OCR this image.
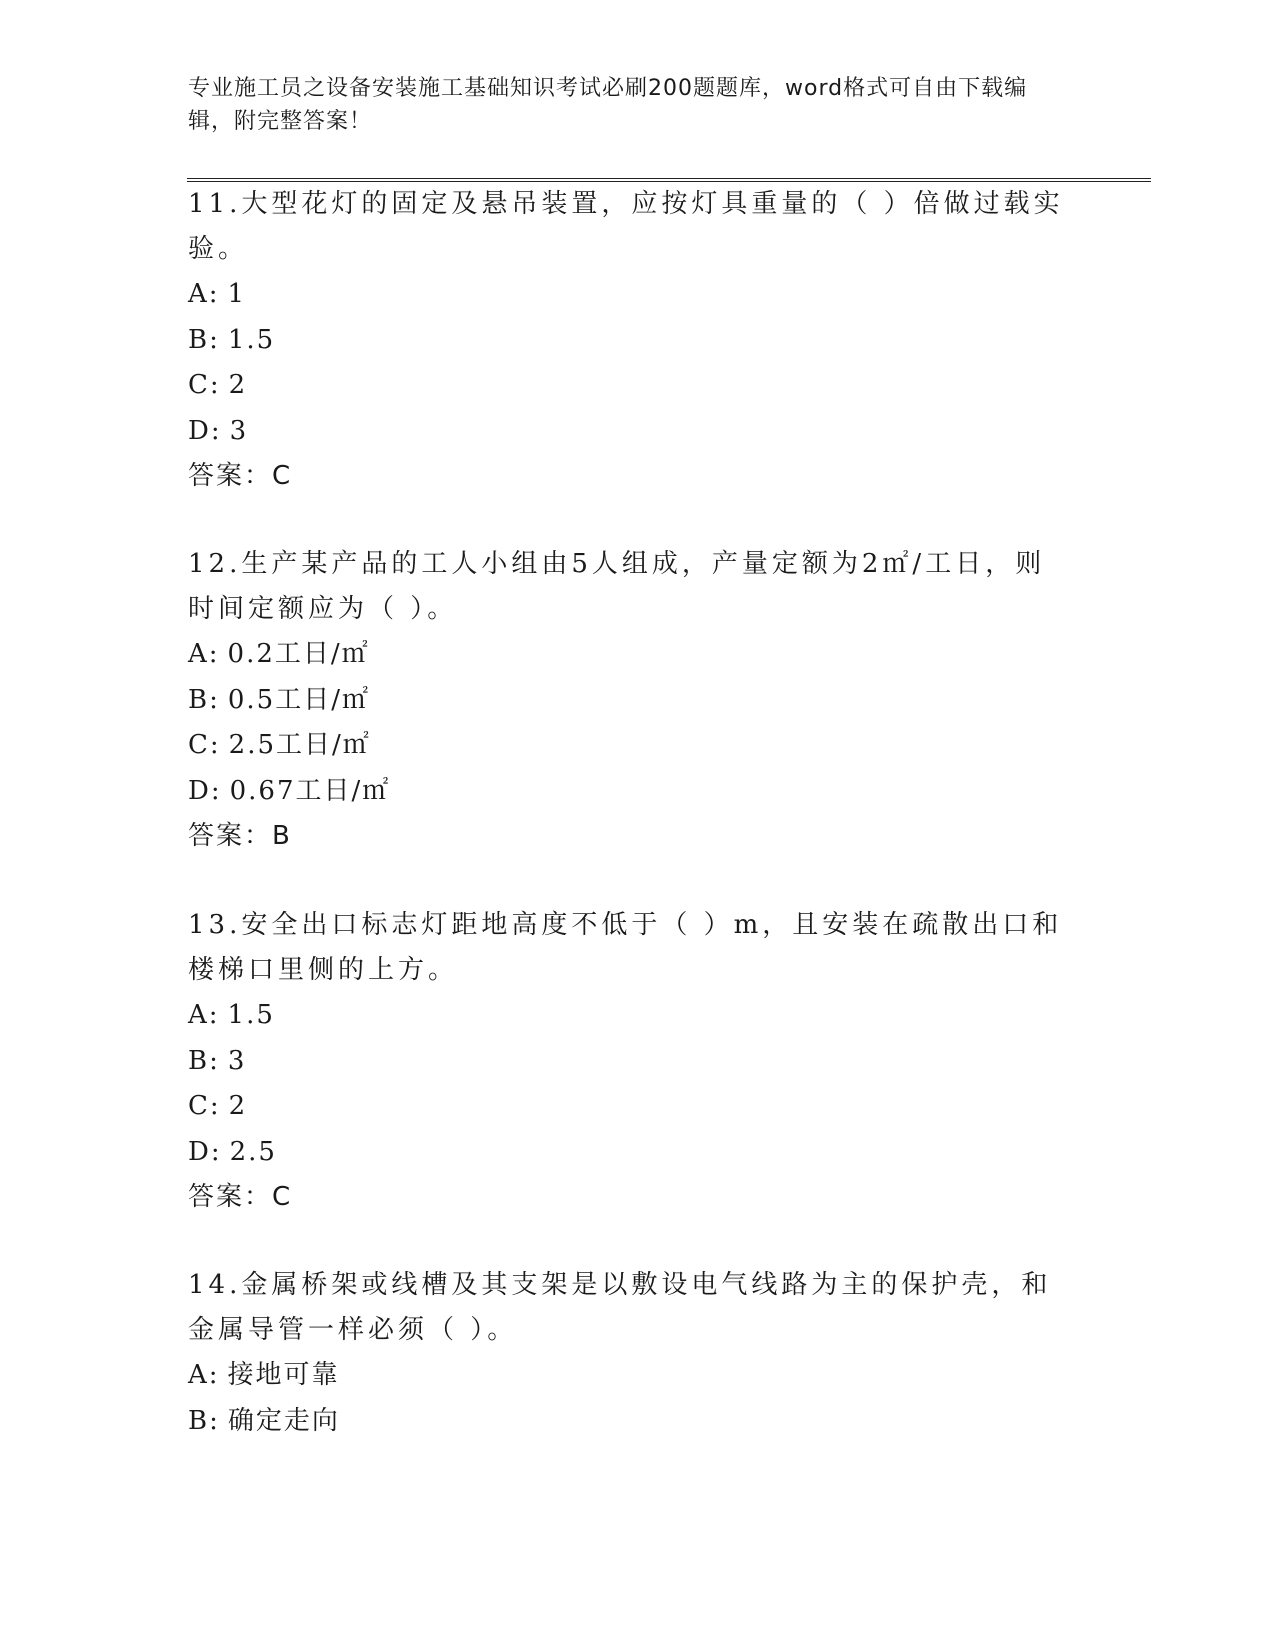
专业施工员之设备安装施工基础知识考试必刷200题题库，word格式可自由下载编辑，附完整答案！

11.大型花灯的固定及悬吊装置，应按灯具重量的（ ）倍做过载实验。

A: 1
B: 1.5
C: 2
D: 3
答案：C

12.生产某产品的工人小组由5人组成，产量定额为2㎡/工日，则时间定额应为（ ）。

A: 0.2工日/㎡
B: 0.5工日/㎡
C: 2.5工日/㎡
D: 0.67工日/㎡
答案：B

13.安全出口标志灯距地高度不低于（ ）m，且安装在疏散出口和楼梯口里侧的上方。

A: 1.5
B: 3
C: 2
D: 2.5
答案：C

14.金属桥架或线槽及其支架是以敷设电气线路为主的保护壳，和金属导管一样必须（ ）。

A: 接地可靠
B: 确定走向
